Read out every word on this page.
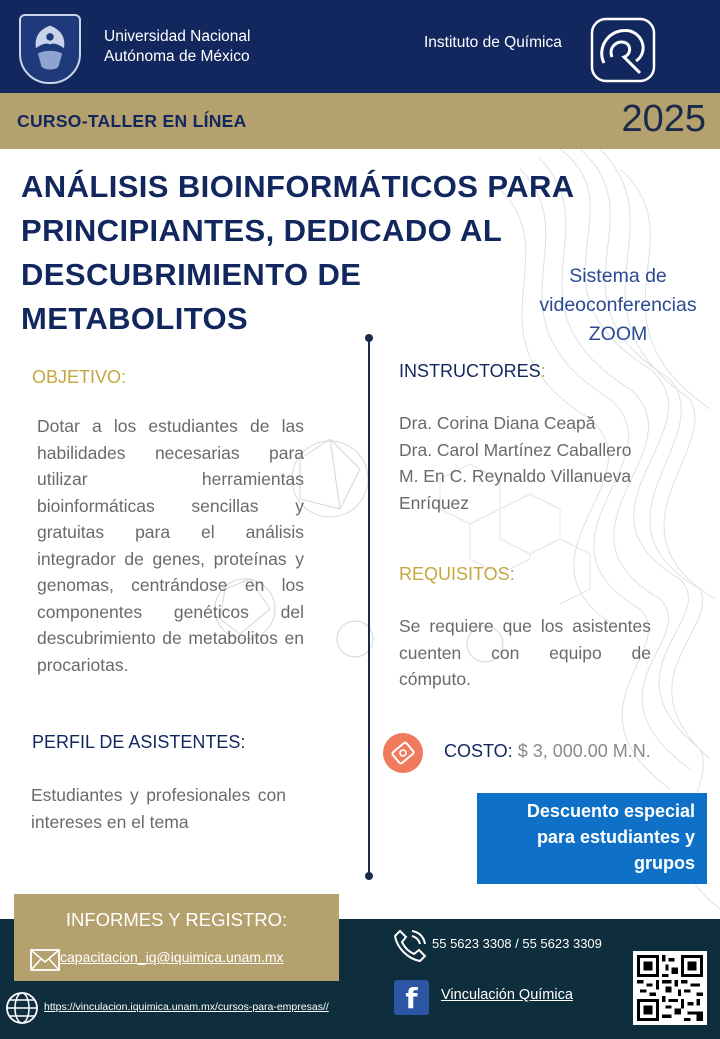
Universidad Nacional
Autónoma de México
Instituto de Química
CURSO-TALLER EN LÍNEA	2025
ANÁLISIS BIOINFORMÁTICOS PARA
PRINCIPIANTES, DEDICADO AL
DESCUBRIMIENTO DE
METABOLITOS
Sistema de
videoconferencias
ZOOM
OBJETIVO:
Dotar a los estudiantes de las habilidades necesarias para utilizar herramientas bioinformáticas sencillas y gratuitas para el análisis integrador de genes, proteínas y genomas, centrándose en los componentes genéticos del descubrimiento de metabolitos en procariotas.
PERFIL DE ASISTENTES:
Estudiantes y profesionales con intereses en el tema
INSTRUCTORES:
Dra. Corina Diana Ceapă
Dra. Carol Martínez Caballero
M. En C. Reynaldo Villanueva Enríquez
REQUISITOS:
Se requiere que los asistentes cuenten con equipo de cómputo.
COSTO: $ 3, 000.00 M.N.
Descuento especial
para estudiantes y
grupos
INFORMES Y REGISTRO:
capacitacion_iq@iquimica.unam.mx
55 5623 3308 / 55 5623 3309
https://vinculacion.iquimica.unam.mx/cursos-para-empresas//	f	Vinculación Química
